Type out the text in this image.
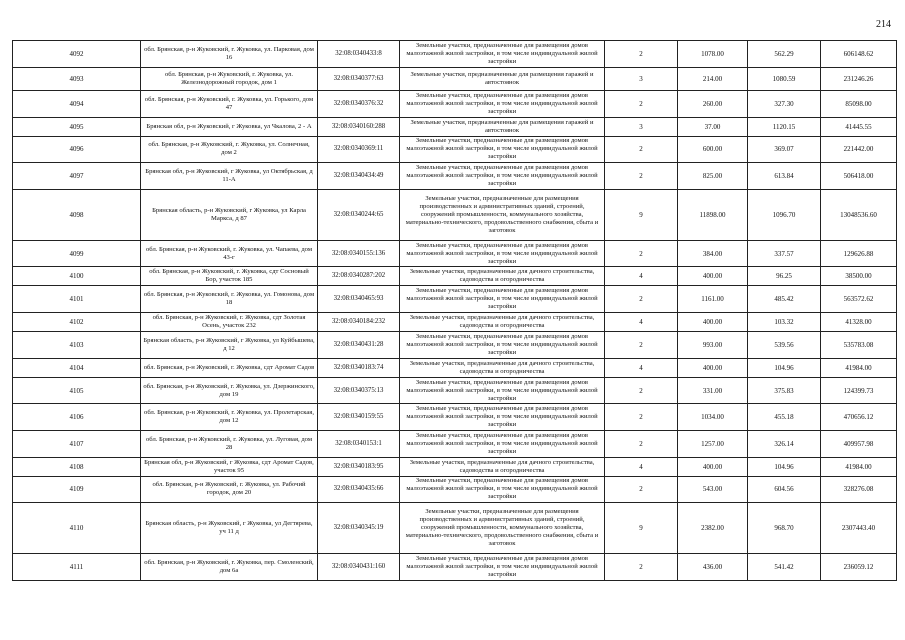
214
4092	обл. Брянская, р-н Жуковский, г. Жуковка, ул. Парковая, дом 16	32:08:0340433:8	Земельные участки, предназначенные для размещения домов малоэтажной жилой застройки, в том числе индивидуальной жилой застройки	2	1078.00	562.29	606148.62
4093	обл. Брянская, р-н Жуковский, г. Жуковка, ул. Железнодорожный городок, дом 1	32:08:0340377:63	Земельные участки, предназначенные для размещения гаражей и автостоянок	3	214.00	1080.59	231246.26
4094	обл. Брянская, р-н Жуковский, г. Жуковка, ул. Горького, дом 47	32:08:0340376:32	Земельные участки, предназначенные для размещения домов малоэтажной жилой застройки, в том числе индивидуальной жилой застройки	2	260.00	327.30	85098.00
4095	Брянская обл, р-н Жуковский, г Жуковка, ул Чкалова, 2 - А	32:08:0340160:288	Земельные участки, предназначенные для размещения гаражей и автостоянок	3	37.00	1120.15	41445.55
4096	обл. Брянская, р-н Жуковский, г. Жуковка, ул. Солнечная, дом 2	32:08:0340369:11	Земельные участки, предназначенные для размещения домов малоэтажной жилой застройки, в том числе индивидуальной жилой застройки	2	600.00	369.07	221442.00
4097	Брянская обл, р-н Жуковский, г Жуковка, ул Октябрьская, д 11-А	32:08:0340434:49	Земельные участки, предназначенные для размещения домов малоэтажной жилой застройки, в том числе индивидуальной жилой застройки	2	825.00	613.84	506418.00
4098	Брянская область, р-н Жуковский, г Жуковка, ул Карла Маркса, д 87	32:08:0340244:65	Земельные участки, предназначенные для размещения производственных и административных зданий, строений, сооружений промышленности, коммунального хозяйства, материально-технического, продовольственного снабжения, сбыта и заготовок	9	11898.00	1096.70	13048536.60
4099	обл. Брянская, р-н Жуковский, г. Жуковка, ул. Чапаева, дом 43-г	32:08:0340155:136	Земельные участки, предназначенные для размещения домов малоэтажной жилой застройки, в том числе индивидуальной жилой застройки	2	384.00	337.57	129626.88
4100	обл. Брянская, р-н Жуковский, г. Жуковка, сдт Сосновый Бор, участок 185	32:08:0340287:202	Земельные участки, предназначенные для дачного строительства, садоводства и огородничества	4	400.00	96.25	38500.00
4101	обл. Брянская, р-н Жуковский, г. Жуковка, ул. Гомонова, дом 18	32:08:0340465:93	Земельные участки, предназначенные для размещения домов малоэтажной жилой застройки, в том числе индивидуальной жилой застройки	2	1161.00	485.42	563572.62
4102	обл. Брянская, р-н Жуковский, г. Жуковка, сдт Золотая Осень, участок 232	32:08:0340184:232	Земельные участки, предназначенные для дачного строительства, садоводства и огородничества	4	400.00	103.32	41328.00
4103	Брянская область, р-н Жуковский, г Жуковка, ул Куйбышева, д 12	32:08:0340431:28	Земельные участки, предназначенные для размещения домов малоэтажной жилой застройки, в том числе индивидуальной жилой застройки	2	993.00	539.56	535783.08
4104	обл. Брянская, р-н Жуковский, г. Жуковка, сдт Аромат Садов	32:08:0340183:74	Земельные участки, предназначенные для дачного строительства, садоводства и огородничества	4	400.00	104.96	41984.00
4105	обл. Брянская, р-н Жуковский, г. Жуковка, ул. Дзержинского, дом 19	32:08:0340375:13	Земельные участки, предназначенные для размещения домов малоэтажной жилой застройки, в том числе индивидуальной жилой застройки	2	331.00	375.83	124399.73
4106	обл. Брянская, р-н Жуковский, г. Жуковка, ул. Пролетарская, дом 12	32:08:0340159:55	Земельные участки, предназначенные для размещения домов малоэтажной жилой застройки, в том числе индивидуальной жилой застройки	2	1034.00	455.18	470656.12
4107	обл. Брянская, р-н Жуковский, г. Жуковка, ул. Луговая, дом 28	32:08:0340153:1	Земельные участки, предназначенные для размещения домов малоэтажной жилой застройки, в том числе индивидуальной жилой застройки	2	1257.00	326.14	409957.98
4108	Брянская обл, р-н Жуковский, г Жуковка, сдт Аромат Садов, участок 95	32:08:0340183:95	Земельные участки, предназначенные для дачного строительства, садоводства и огородничества	4	400.00	104.96	41984.00
4109	обл. Брянская, р-н Жуковский, г. Жуковка, ул. Рабочий городок, дом 20	32:08:0340435:66	Земельные участки, предназначенные для размещения домов малоэтажной жилой застройки, в том числе индивидуальной жилой застройки	2	543.00	604.56	328276.08
4110	Брянская область, р-н Жуковский, г Жуковка, ул Дегтярева, уч 11 д	32:08:0340345:19	Земельные участки, предназначенные для размещения производственных и административных зданий, строений, сооружений промышленности, коммунального хозяйства, материально-технического, продовольственного снабжения, сбыта и заготовок	9	2382.00	968.70	2307443.40
4111	обл. Брянская, р-н Жуковский, г. Жуковка, пер. Смоленский, дом 6а	32:08:0340431:160	Земельные участки, предназначенные для размещения домов малоэтажной жилой застройки, в том числе индивидуальной жилой застройки	2	436.00	541.42	236059.12
